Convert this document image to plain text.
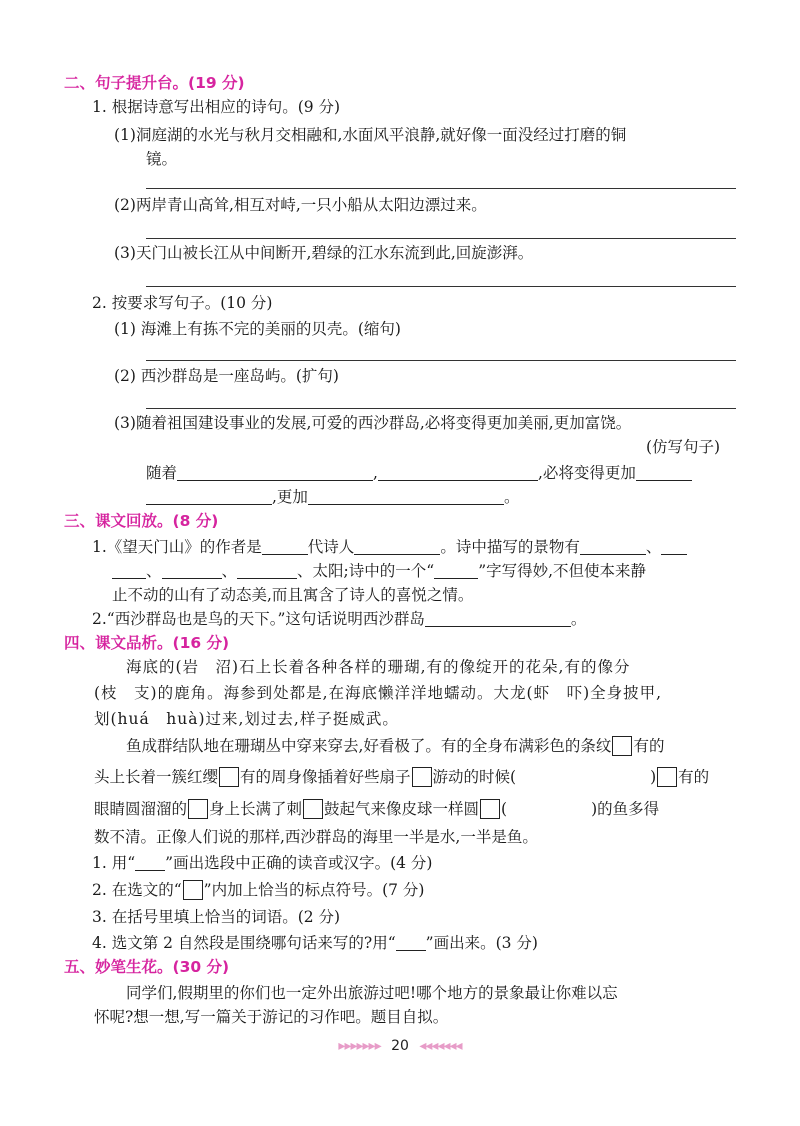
二、句子提升台。(19 分)
1. 根据诗意写出相应的诗句。(9 分)
(1)洞庭湖的水光与秋月交相融和,水面风平浪静,就好像一面没经过打磨的铜
镜。
(2)两岸青山高耸,相互对峙,一只小船从太阳边漂过来。
(3)天门山被长江从中间断开,碧绿的江水东流到此,回旋澎湃。
2. 按要求写句子。(10 分)
(1) 海滩上有拣不完的美丽的贝壳。(缩句)
(2) 西沙群岛是一座岛屿。(扩句)
(3)随着祖国建设事业的发展,可爱的西沙群岛,必将变得更加美丽,更加富饶。
(仿写句子)
随着	,	,必将变得更加
,更加	。
三、课文回放。(8 分)
1.《望天门山》的作者是	代诗人	。诗中描写的景物有	、
、	、	、太阳;诗中的一个“	”字写得妙,不但使本来静
止不动的山有了动态美,而且寓含了诗人的喜悦之情。
2.“西沙群岛也是鸟的天下。”这句话说明西沙群岛	。
四、课文品析。(16 分)
海底的(岩　沼)石上长着各种各样的珊瑚,有的像绽开的花朵,有的像分
(枝　支)的鹿角。海参到处都是,在海底懒洋洋地蠕动。大龙(虾　吓)全身披甲,
划(huá　huà)过来,划过去,样子挺威武。
鱼成群结队地在珊瑚丛中穿来穿去,好看极了。有的全身布满彩色的条纹 有的
头上长着一簇红缨 有的周身像插着好些扇子 游动的时候(	) 有的
眼睛圆溜溜的 身上长满了刺 鼓起气来像皮球一样圆 (	)的鱼多得
数不清。正像人们说的那样,西沙群岛的海里一半是水,一半是鱼。
1. 用“ ”画出选段中正确的读音或汉字。(4 分)
2. 在选文的“ ”内加上恰当的标点符号。(7 分)
3. 在括号里填上恰当的词语。(2 分)
4. 选文第 2 自然段是围绕哪句话来写的?用“ ”画出来。(3 分)
五、妙笔生花。(30 分)
同学们,假期里的你们也一定外出旅游过吧!哪个地方的景象最让你难以忘
怀呢?想一想,写一篇关于游记的习作吧。题目自拟。
▸▸▸▸▸▸▸ 20 ◂◂◂◂◂◂◂
